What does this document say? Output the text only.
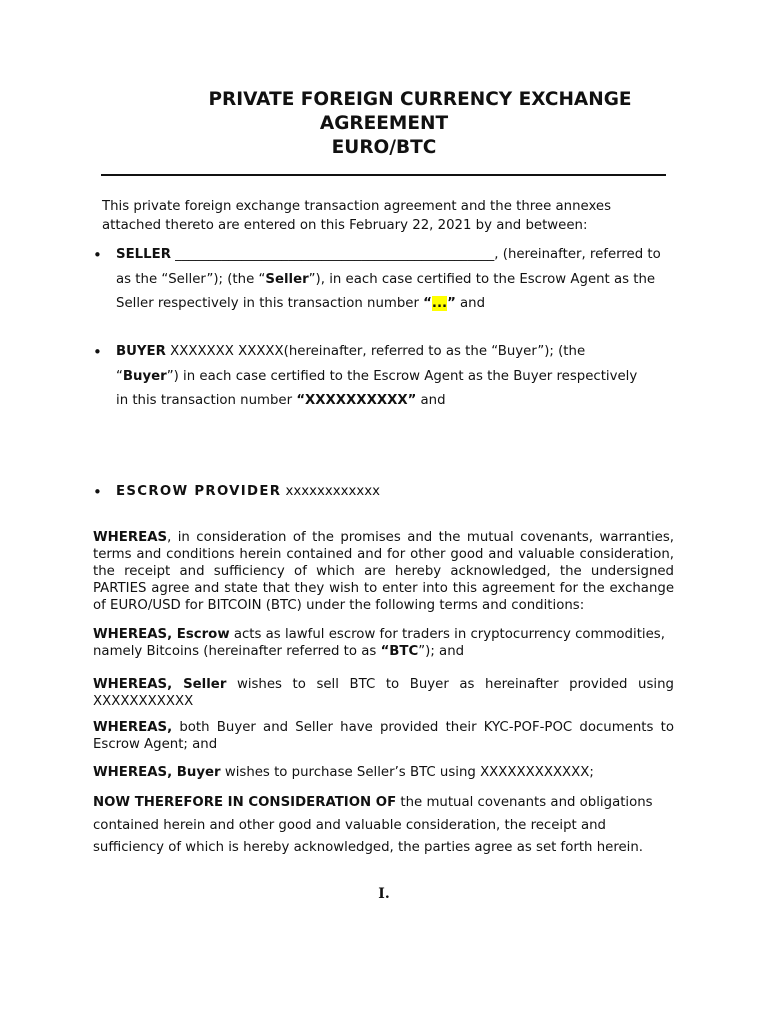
PRIVATE FOREIGN CURRENCY EXCHANGE
AGREEMENT
EURO/BTC
This private foreign exchange transaction agreement and the three annexes attached thereto are entered on this February 22, 2021 by and between:
• SELLER ________________________________________________, (hereinafter, referred to as the “Seller”); (the “Seller”), in each case certified to the Escrow Agent as the Seller respectively in this transaction number “...” and
• BUYER XXXXXXX XXXXX(hereinafter, referred to as the “Buyer”); (the “Buyer”) in each case certified to the Escrow Agent as the Buyer respectively in this transaction number “XXXXXXXXXX” and
• ESCROW PROVIDER xxxxxxxxxxxx
WHEREAS, in consideration of the promises and the mutual covenants, warranties, terms and conditions herein contained and for other good and valuable consideration, the receipt and sufficiency of which are hereby acknowledged, the undersigned PARTIES agree and state that they wish to enter into this agreement for the exchange of EURO/USD for BITCOIN (BTC) under the following terms and conditions:
WHEREAS, Escrow acts as lawful escrow for traders in cryptocurrency commodities, namely Bitcoins (hereinafter referred to as “BTC”); and
WHEREAS, Seller wishes to sell BTC to Buyer as hereinafter provided using XXXXXXXXXXX
WHEREAS, both Buyer and Seller have provided their KYC-POF-POC documents to Escrow Agent; and
WHEREAS, Buyer wishes to purchase Seller’s BTC using XXXXXXXXXXXX;
NOW THEREFORE IN CONSIDERATION OF the mutual covenants and obligations contained herein and other good and valuable consideration, the receipt and sufficiency of which is hereby acknowledged, the parties agree as set forth herein.
I.
